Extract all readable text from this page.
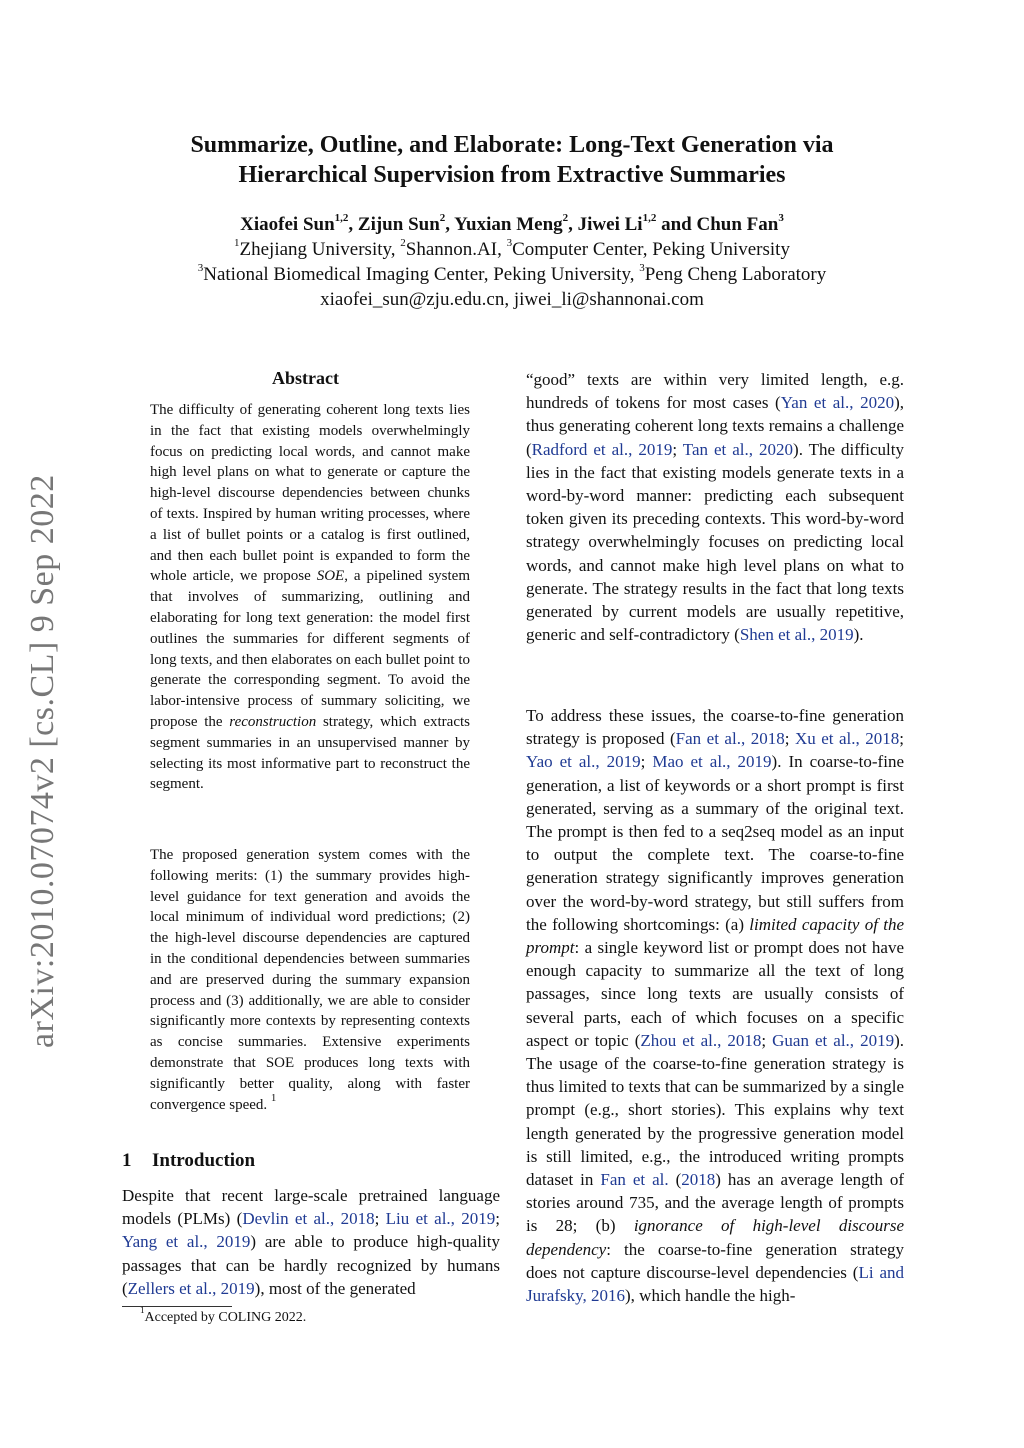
arXiv:2010.07074v2 [cs.CL] 9 Sep 2022
Summarize, Outline, and Elaborate: Long-Text Generation via
Hierarchical Supervision from Extractive Summaries
Xiaofei Sun$^{1,2}$, Zijun Sun$^2$, Yuxian Meng$^2$, Jiwei Li$^{1,2}$ and Chun Fan$^3$
$^1$Zhejiang University, $^2$Shannon.AI, $^3$Computer Center, Peking University
$^3$National Biomedical Imaging Center, Peking University, $^3$Peng Cheng Laboratory
xiaofei_sun@zju.edu.cn, jiwei_li@shannonai.com
Abstract

The difficulty of generating coherent long texts lies in the fact that existing models overwhelmingly focus on predicting local words, and cannot make high level plans on what to generate or capture the high-level discourse dependencies between chunks of texts. Inspired by human writing processes, where a list of bullet points or a catalog is first outlined, and then each bullet point is expanded to form the whole article, we propose SOE, a pipelined system that involves of summarizing, outlining and elaborating for long text generation: the model first outlines the summaries for different segments of long texts, and then elaborates on each bullet point to generate the corresponding segment. To avoid the labor-intensive process of summary soliciting, we propose the reconstruction strategy, which extracts segment summaries in an unsupervised manner by selecting its most informative part to reconstruct the segment.

The proposed generation system comes with the following merits: (1) the summary provides high-level guidance for text generation and avoids the local minimum of individual word predictions; (2) the high-level discourse dependencies are captured in the conditional dependencies between summaries and are preserved during the summary expansion process and (3) additionally, we are able to consider significantly more contexts by representing contexts as concise summaries. Extensive experiments demonstrate that SOE produces long texts with significantly better quality, along with faster convergence speed. $^1$

1 Introduction

Despite that recent large-scale pretrained language models (PLMs) (Devlin et al., 2018; Liu et al., 2019; Yang et al., 2019) are able to produce high-quality passages that can be hardly recognized by humans (Zellers et al., 2019), most of the generated

“good” texts are within very limited length, e.g. hundreds of tokens for most cases (Yan et al., 2020), thus generating coherent long texts remains a challenge (Radford et al., 2019; Tan et al., 2020). The difficulty lies in the fact that existing models generate texts in a word-by-word manner: predicting each subsequent token given its preceding contexts. This word-by-word strategy overwhelmingly focuses on predicting local words, and cannot make high level plans on what to generate. The strategy results in the fact that long texts generated by current models are usually repetitive, generic and self-contradictory (Shen et al., 2019).

To address these issues, the coarse-to-fine generation strategy is proposed (Fan et al., 2018; Xu et al., 2018; Yao et al., 2019; Mao et al., 2019). In coarse-to-fine generation, a list of keywords or a short prompt is first generated, serving as a summary of the original text. The prompt is then fed to a seq2seq model as an input to output the complete text. The coarse-to-fine generation strategy significantly improves generation over the word-by-word strategy, but still suffers from the following shortcomings: (a) limited capacity of the prompt: a single keyword list or prompt does not have enough capacity to summarize all the text of long passages, since long texts are usually consists of several parts, each of which focuses on a specific aspect or topic (Zhou et al., 2018; Guan et al., 2019). The usage of the coarse-to-fine generation strategy is thus limited to texts that can be summarized by a single prompt (e.g., short stories). This explains why text length generated by the progressive generation model is still limited, e.g., the introduced writing prompts dataset in Fan et al. (2018) has an average length of stories around 735, and the average length of prompts is 28; (b) ignorance of high-level discourse dependency: the coarse-to-fine generation strategy does not capture discourse-level dependencies (Li and Jurafsky, 2016), which handle the high-

$^1$Accepted by COLING 2022.
